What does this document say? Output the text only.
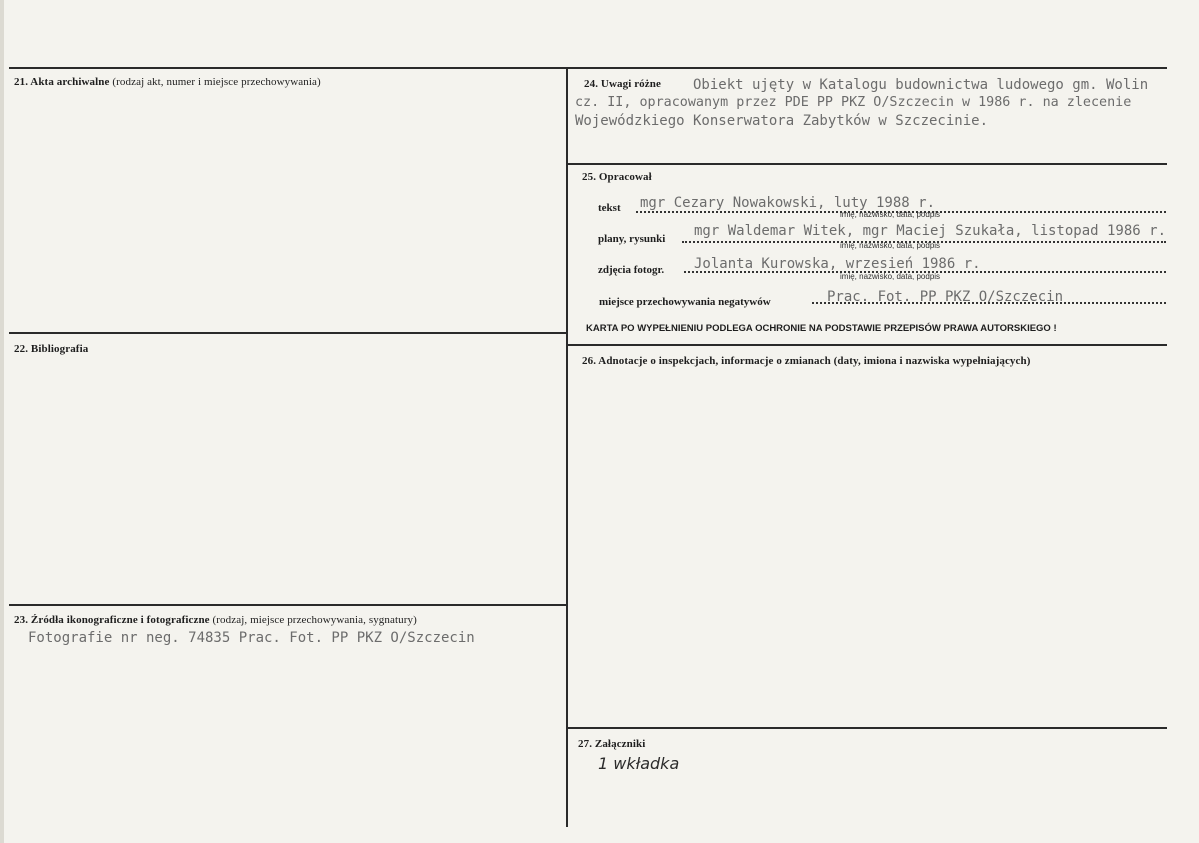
21. Akta archiwalne (rodzaj akt, numer i miejsce przechowywania)
22. Bibliografia
23. Źródła ikonograficzne i fotograficzne (rodzaj, miejsce przechowywania, sygnatury)
Fotografie nr neg. 74835 Prac. Fot. PP PKZ O/Szczecin
24. Uwagi różne Obiekt ujęty w Katalogu budownictwa ludowego gm. Wolin
cz. II, opracowanym przez PDE PP PKZ O/Szczecin w 1986 r. na zlecenie
Wojewódzkiego Konserwatora Zabytków w Szczecinie.
25. Opracował
tekst mgr Cezary Nowakowski, luty 1988 r.
imię, nazwisko, data, podpis
plany, rysunki mgr Waldemar Witek, mgr Maciej Szukała, listopad 1986 r.
imię, nazwisko, data, podpis
zdjęcia fotogr. Jolanta Kurowska, wrzesień 1986 r.
imię, nazwisko, data, podpis
miejsce przechowywania negatywów	Prac. Fot. PP PKZ O/Szczecin
KARTA PO WYPEŁNIENIU PODLEGA OCHRONIE NA PODSTAWIE PRZEPISÓW PRAWA AUTORSKIEGO !
26. Adnotacje o inspekcjach, informacje o zmianach (daty, imiona i nazwiska wypełniających)
27. Załączniki
1 wkładka
